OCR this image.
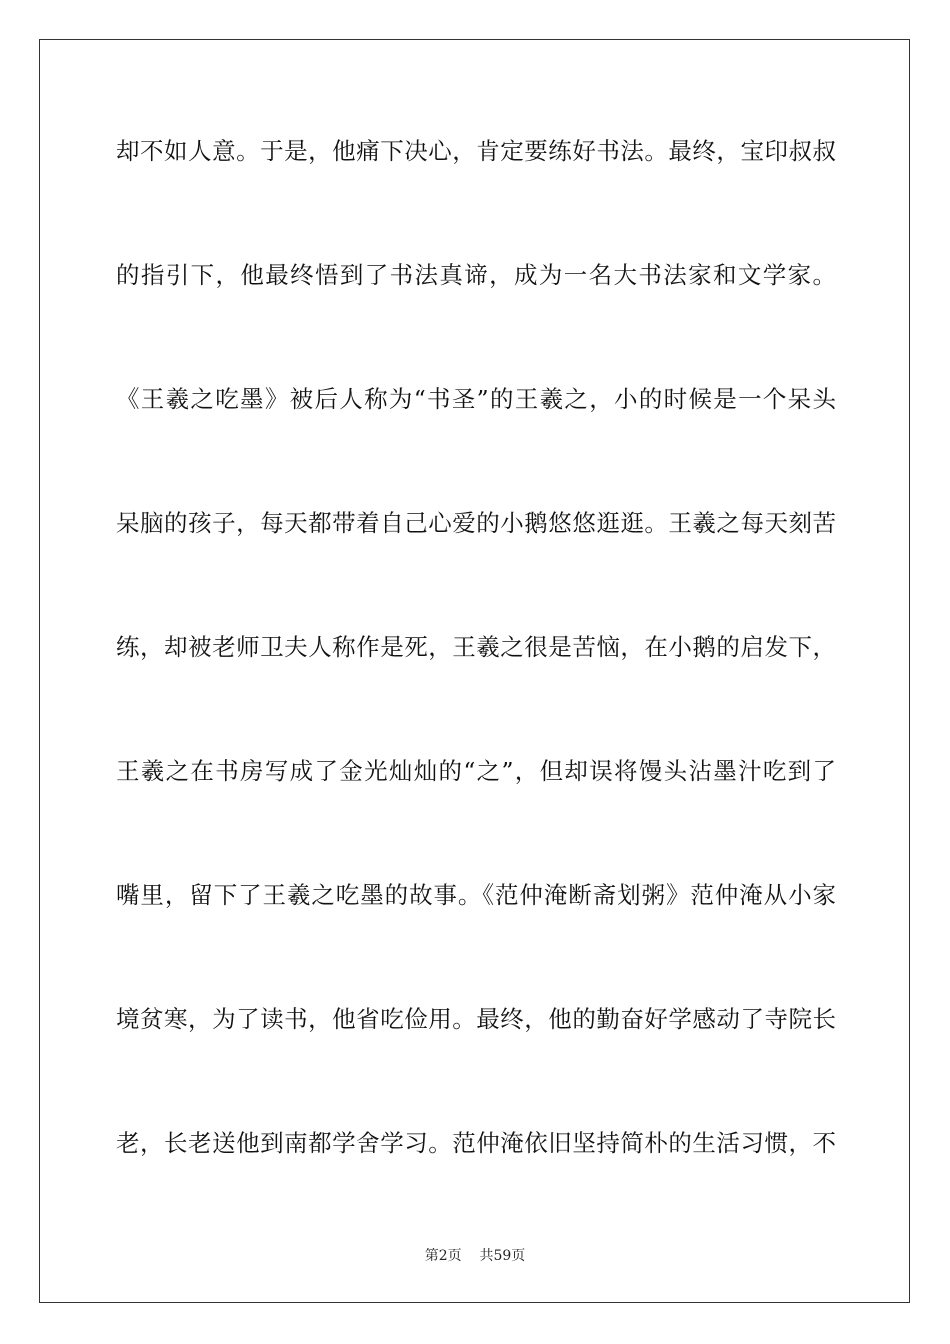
却不如人意。于是，他痛下决心，肯定要练好书法。最终，宝印叔叔
的指引下，他最终悟到了书法真谛，成为一名大书法家和文学家。
《王羲之吃墨》被后人称为“书圣”的王羲之，小的时候是一个呆头
呆脑的孩子，每天都带着自己心爱的小鹅悠悠逛逛。王羲之每天刻苦
练，却被老师卫夫人称作是死，王羲之很是苦恼，在小鹅的启发下，
王羲之在书房写成了金光灿灿的“之”，但却误将馒头沾墨汁吃到了
嘴里，留下了王羲之吃墨的故事。《范仲淹断斋划粥》范仲淹从小家
境贫寒，为了读书，他省吃俭用。最终，他的勤奋好学感动了寺院长
老，长老送他到南都学舍学习。范仲淹依旧坚持简朴的生活习惯，不
第2页 共59页
